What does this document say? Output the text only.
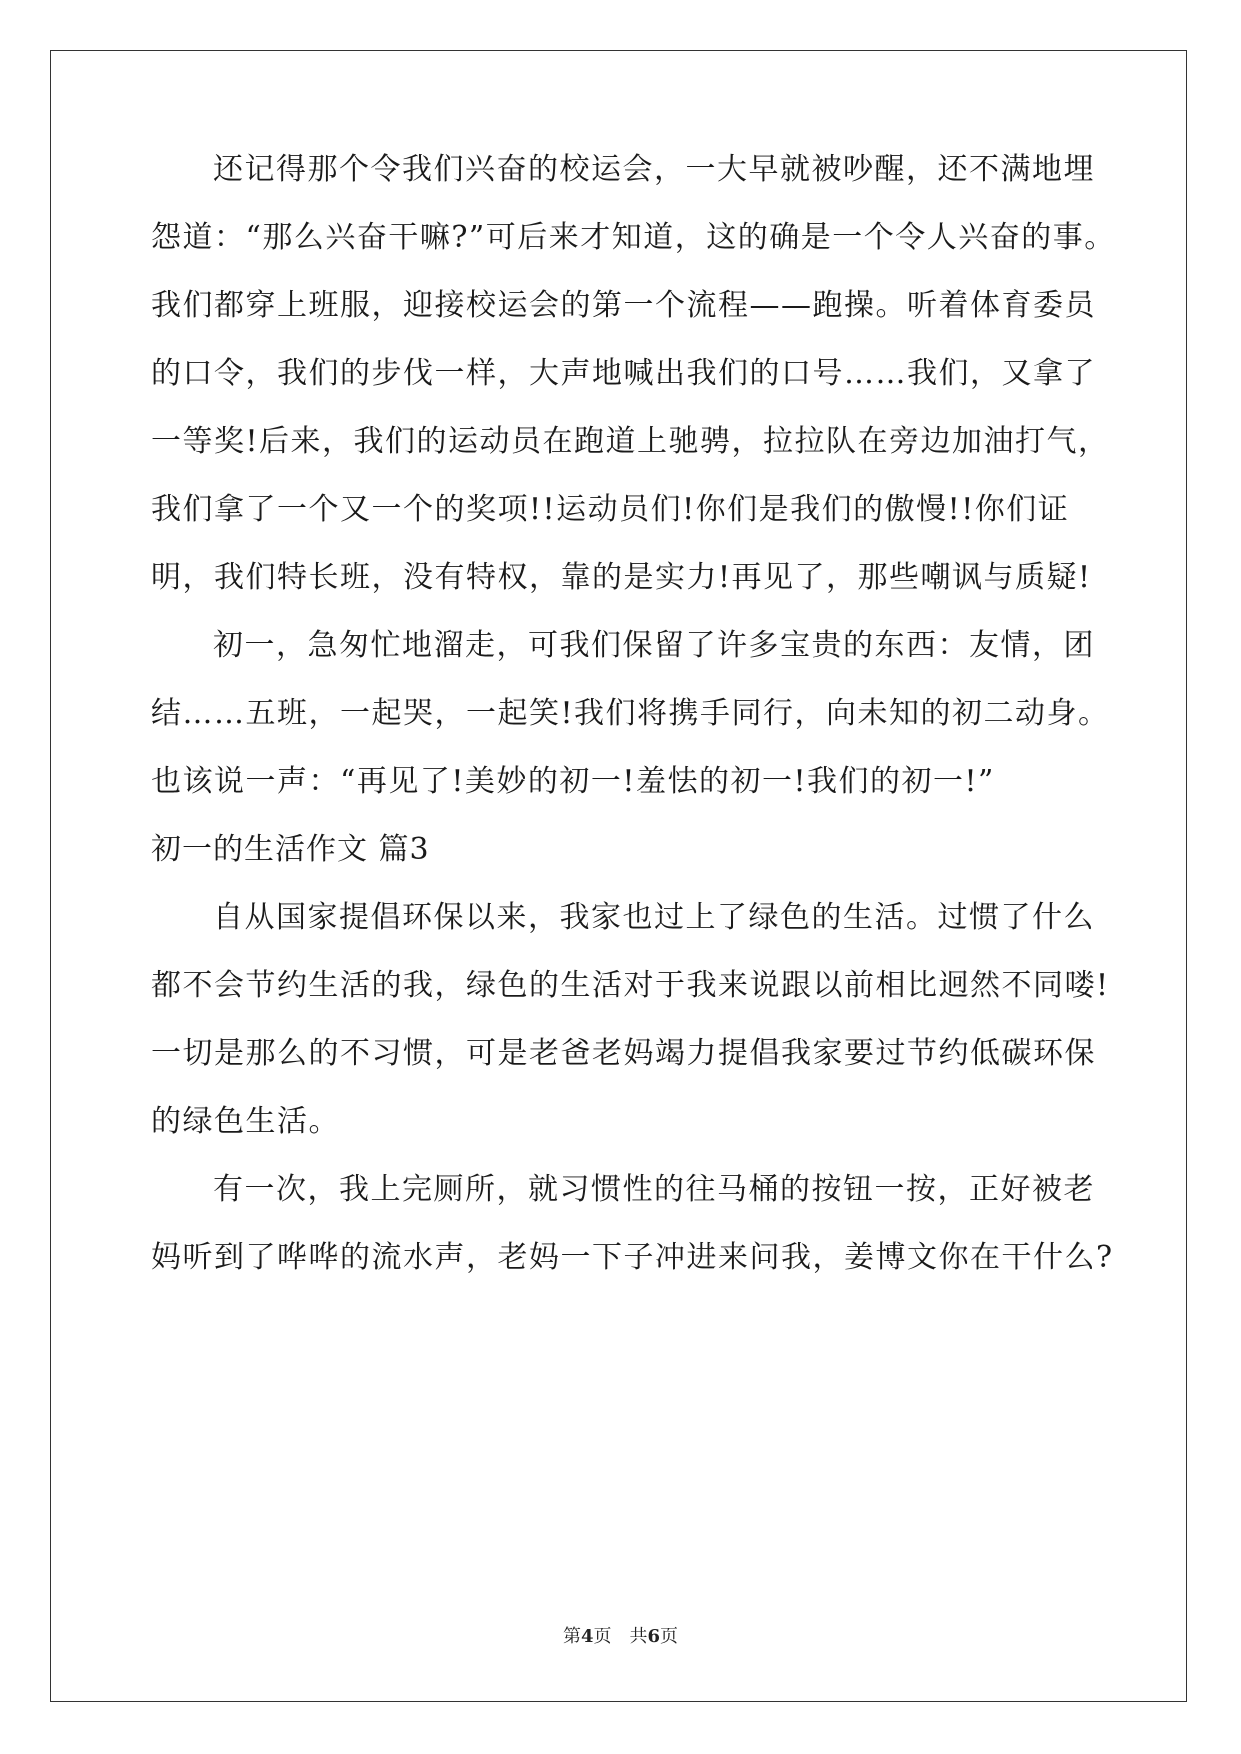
还记得那个令我们兴奋的校运会，一大早就被吵醒，还不满地埋
怨道：“那么兴奋干嘛?”可后来才知道，这的确是一个令人兴奋的事。
我们都穿上班服，迎接校运会的第一个流程——跑操。听着体育委员
的口令，我们的步伐一样，大声地喊出我们的口号……我们，又拿了
一等奖!后来，我们的运动员在跑道上驰骋，拉拉队在旁边加油打气，
我们拿了一个又一个的奖项!!运动员们!你们是我们的傲慢!!你们证
明，我们特长班，没有特权，靠的是实力!再见了，那些嘲讽与质疑!
初一，急匆忙地溜走，可我们保留了许多宝贵的东西：友情，团
结……五班，一起哭，一起笑!我们将携手同行，向未知的初二动身。
也该说一声：“再见了!美妙的初一!羞怯的初一!我们的初一!”
初一的生活作文 篇3
自从国家提倡环保以来，我家也过上了绿色的生活。过惯了什么
都不会节约生活的我，绿色的生活对于我来说跟以前相比迥然不同喽!
一切是那么的不习惯，可是老爸老妈竭力提倡我家要过节约低碳环保
的绿色生活。
有一次，我上完厕所，就习惯性的往马桶的按钮一按，正好被老
妈听到了哗哗的流水声，老妈一下子冲进来问我，姜博文你在干什么?
第4页　共6页
